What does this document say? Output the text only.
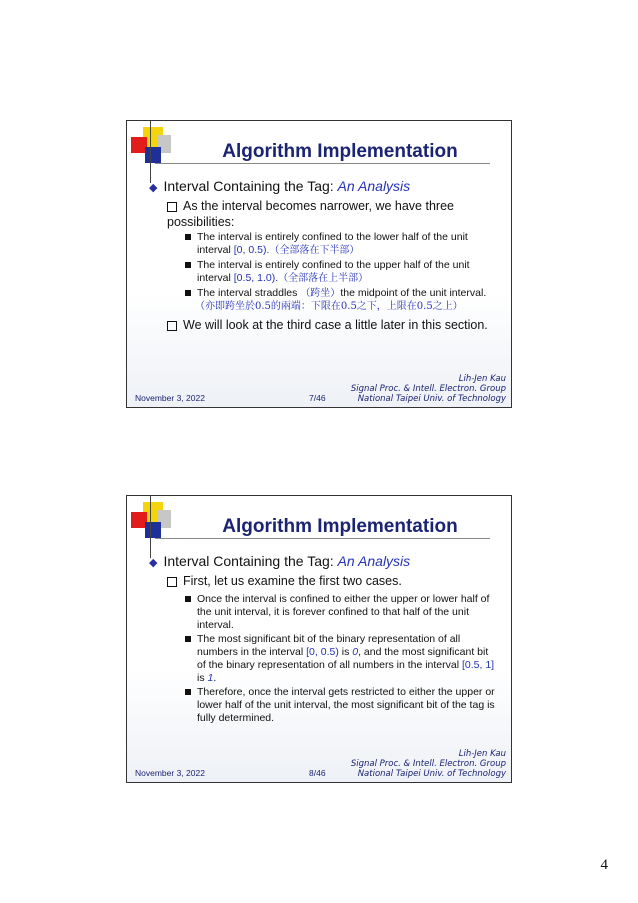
Algorithm Implementation
◆ Interval Containing the Tag: An Analysis
As the interval becomes narrower, we have three
possibilities:
The interval is entirely confined to the lower half of the unit
interval [0, 0.5).（全部落在下半部）
The interval is entirely confined to the upper half of the unit
interval [0.5, 1.0).（全部落在上半部）
The interval straddles （跨坐）the midpoint of the unit interval.
（亦即跨坐於0.5的兩端：下限在0.5之下，上限在0.5之上）
We will look at the third case a little later in this section.
November 3, 2022	7/46
Lih-Jen Kau
Signal Proc. & Intell. Electron. Group
National Taipei Univ. of Technology
Algorithm Implementation
◆ Interval Containing the Tag: An Analysis
First, let us examine the first two cases.
Once the interval is confined to either the upper or lower half of
the unit interval, it is forever confined to that half of the unit
interval.
The most significant bit of the binary representation of all
numbers in the interval [0, 0.5) is 0, and the most significant bit
of the binary representation of all numbers in the interval [0.5, 1]
is 1.
Therefore, once the interval gets restricted to either the upper or
lower half of the unit interval, the most significant bit of the tag is
fully determined.
November 3, 2022	8/46
Lih-Jen Kau
Signal Proc. & Intell. Electron. Group
National Taipei Univ. of Technology
4
